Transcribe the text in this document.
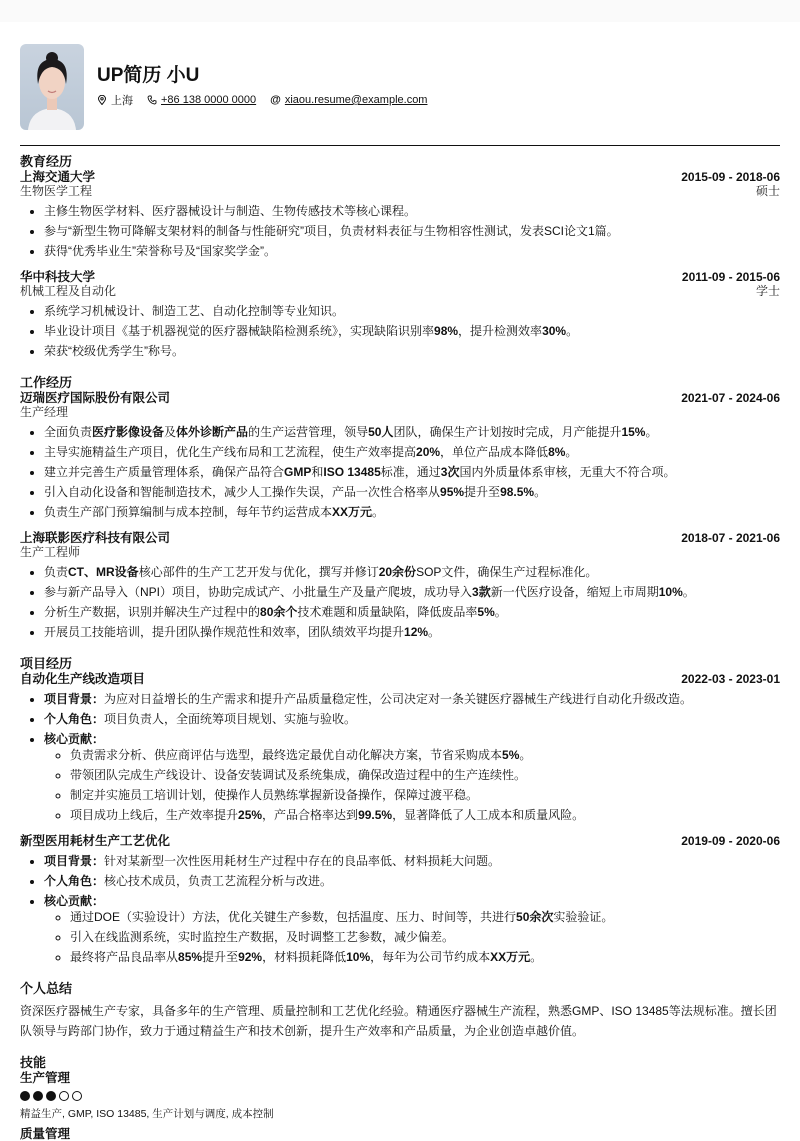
UP简历 小U
上海	+86 138 0000 0000 @ xiaou.resume@example.com
教育经历
上海交通大学	2015-09 - 2018-06
生物医学工程	硕士
• 主修生物医学材料、医疗器械设计与制造、生物传感技术等核心课程。
• 参与“新型生物可降解支架材料的制备与性能研究”项目，负责材料表征与生物相容性测试，发表SCI论文1篇。
• 获得“优秀毕业生”荣誉称号及“国家奖学金”。
华中科技大学	2011-09 - 2015-06
机械工程及自动化	学士
• 系统学习机械设计、制造工艺、自动化控制等专业知识。
• 毕业设计项目《基于机器视觉的医疗器械缺陷检测系统》，实现缺陷识别率98%，提升检测效率30%。
• 荣获“校级优秀学生”称号。
工作经历
迈瑞医疗国际股份有限公司	2021-07 - 2024-06
生产经理
• 全面负责医疗影像设备及体外诊断产品的生产运营管理，领导50人团队，确保生产计划按时完成，月产能提升15%。
• 主导实施精益生产项目，优化生产线布局和工艺流程，使生产效率提高20%，单位产品成本降低8%。
• 建立并完善生产质量管理体系，确保产品符合GMP和ISO 13485标准，通过3次国内外质量体系审核，无重大不符合项。
• 引入自动化设备和智能制造技术，减少人工操作失误，产品一次性合格率从95%提升至98.5%。
• 负责生产部门预算编制与成本控制，每年节约运营成本XX万元。
上海联影医疗科技有限公司	2018-07 - 2021-06
生产工程师
• 负责CT、MR设备核心部件的生产工艺开发与优化，撰写并修订20余份SOP文件，确保生产过程标准化。
• 参与新产品导入（NPI）项目，协助完成试产、小批量生产及量产爬坡，成功导入3款新一代医疗设备，缩短上市周期10%。
• 分析生产数据，识别并解决生产过程中的80余个技术难题和质量缺陷，降低废品率5%。
• 开展员工技能培训，提升团队操作规范性和效率，团队绩效平均提升12%。
项目经历
自动化生产线改造项目	2022-03 - 2023-01
• 项目背景：为应对日益增长的生产需求和提升产品质量稳定性，公司决定对一条关键医疗器械生产线进行自动化升级改造。
• 个人角色：项目负责人，全面统筹项目规划、实施与验收。
• 核心贡献：
◦ 负责需求分析、供应商评估与选型，最终选定最优自动化解决方案，节省采购成本5%。
◦ 带领团队完成生产线设计、设备安装调试及系统集成，确保改造过程中的生产连续性。
◦ 制定并实施员工培训计划，使操作人员熟练掌握新设备操作，保障过渡平稳。
◦ 项目成功上线后，生产效率提升25%，产品合格率达到99.5%，显著降低了人工成本和质量风险。
新型医用耗材生产工艺优化	2019-09 - 2020-06
• 项目背景：针对某新型一次性医用耗材生产过程中存在的良品率低、材料损耗大问题。
• 个人角色：核心技术成员，负责工艺流程分析与改进。
• 核心贡献：
◦ 通过DOE（实验设计）方法，优化关键生产参数，包括温度、压力、时间等，共进行50余次实验验证。
◦ 引入在线监测系统，实时监控生产数据，及时调整工艺参数，减少偏差。
◦ 最终将产品良品率从85%提升至92%，材料损耗降低10%，每年为公司节约成本XX万元。
个人总结
资深医疗器械生产专家，具备多年的生产管理、质量控制和工艺优化经验。精通医疗器械生产流程，熟悉GMP、ISO 13485等法规标准。擅长团队领导与跨部门协作，致力于通过精益生产和技术创新，提升生产效率和产品质量，为企业创造卓越价值。
技能
生产管理
精益生产, GMP, ISO 13485, 生产计划与调度, 成本控制
质量管理
